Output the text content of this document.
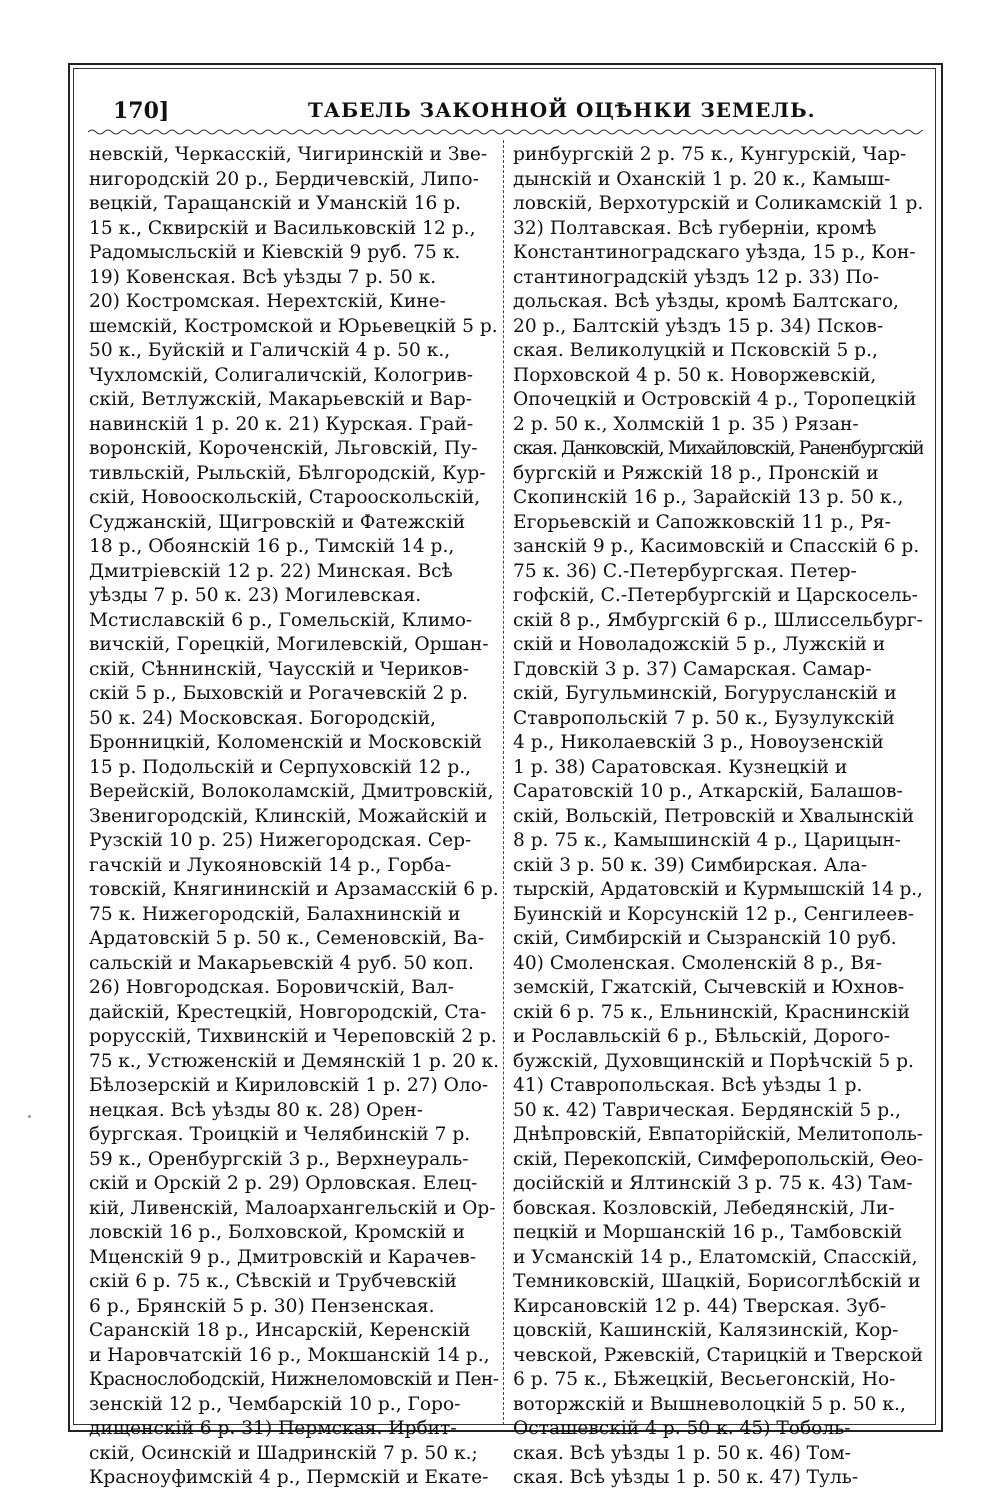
170]	ТАБЕЛЬ ЗАКОННОЙ ОЦѢНКИ ЗЕМЕЛЬ.
невскій, Черкасскій, Чигиринскій и Зве-
нигородскій 20 р., Бердичевскій, Липо-
вецкій, Таращанскій и Уманскій 16 р.
15 к., Сквирскій и Васильковскій 12 р.,
Радомысльскій и Кіевскій 9 руб. 75 к.
19) Ковенская. Всѣ уѣзды 7 р. 50 к.
20) Костромская. Нерехтскій, Кине-
шемскій, Костромской и Юрьевецкій 5 р.
50 к., Буйскій и Галичскій 4 р. 50 к.,
Чухломскій, Солигаличскій, Кологрив-
скій, Ветлужскій, Макарьевскій и Вар-
навинскій 1 р. 20 к. 21) Курская. Грай-
воронскій, Короченскій, Льговскій, Пу-
тивльскій, Рыльскій, Бѣлгородскій, Кур-
скій, Новооскольскій, Старооскольскій,
Суджанскій, Щигровскій и Фатежскій
18 р., Обоянскій 16 р., Тимскій 14 р.,
Дмитріевскій 12 р. 22) Минская. Всѣ
уѣзды 7 р. 50 к. 23) Могилевская.
Мстиславскій 6 р., Гомельскій, Климо-
вичскій, Горецкій, Могилевскій, Оршан-
скій, Сѣннинскій, Чаусскій и Чериков-
скій 5 р., Быховскій и Рогачевскій 2 р.
50 к. 24) Московская. Богородскій,
Бронницкій, Коломенскій и Московскій
15 р. Подольскій и Серпуховскій 12 р.,
Верейскій, Волоколамскій, Дмитровскій,
Звенигородскій, Клинскій, Можайскій и
Рузскій 10 р. 25) Нижегородская. Сер-
гачскій и Лукояновскій 14 р., Горба-
товскій, Княгининскій и Арзамасскій 6 р.
75 к. Нижегородскій, Балахнинскій и
Ардатовскій 5 р. 50 к., Семеновскій, Ва-
сальскій и Макарьевскій 4 руб. 50 коп.
26) Новгородская. Боровичскій, Вал-
дайскій, Крестецкій, Новгородскій, Ста-
рорусскій, Тихвинскій и Череповскій 2 р.
75 к., Устюженскій и Демянскій 1 р. 20 к.
Бѣлозерскій и Кириловскій 1 р. 27) Оло-
нецкая. Всѣ уѣзды 80 к. 28) Орен-
бургская. Троицкій и Челябинскій 7 р.
59 к., Оренбургскій 3 р., Верхнеураль-
скій и Орскій 2 р. 29) Орловская. Елец-
кій, Ливенскій, Малоархангельскій и Ор-
ловскій 16 р., Болховской, Кромскій и
Мценскій 9 р., Дмитровскій и Карачев-
скій 6 р. 75 к., Сѣвскій и Трубчевскій
6 р., Брянскій 5 р. 30) Пензенская.
Саранскій 18 р., Инсарскій, Керенскій
и Наровчатскій 16 р., Мокшанскій 14 р.,
Краснослободскій, Нижнеломовскій и Пен-
зенскій 12 р., Чембарскій 10 р., Горо-
дищенскій 6 р. 31) Пермская. Ирбит-
скій, Осинскій и Шадринскій 7 р. 50 к.;
Красноуфимскій 4 р., Пермскій и Екате-
ринбургскій 2 р. 75 к., Кунгурскій, Чар-
дынскій и Оханскій 1 р. 20 к., Камыш-
ловскій, Верхотурскій и Соликамскій 1 р.
32) Полтавская. Всѣ губерніи, кромѣ
Константиноградскаго уѣзда, 15 р., Кон-
стантиноградскій уѣздъ 12 р. 33) По-
дольская. Всѣ уѣзды, кромѣ Балтскаго,
20 р., Балтскій уѣздъ 15 р. 34) Псков-
ская. Великолуцкій и Псковскій 5 р.,
Порховской 4 р. 50 к. Новоржевскій,
Опочецкій и Островскій 4 р., Торопецкій
2 р. 50 к., Холмскій 1 р. 35 ) Рязан-
ская. Данковскій, Михайловскій, Раненбургскій
бургскій и Ряжскій 18 р., Пронскій и
Скопинскій 16 р., Зарайскій 13 р. 50 к.,
Егорьевскій и Сапожковскій 11 р., Ря-
занскій 9 р., Касимовскій и Спасскій 6 р.
75 к. 36) С.-Петербургская. Петер-
гофскій, С.-Петербургскій и Царскосель-
скій 8 р., Ямбургскій 6 р., Шлиссельбург-
скій и Новоладожскій 5 р., Лужскій и
Гдовскій 3 р. 37) Самарская. Самар-
скій, Бугульминскій, Богурусланскій и
Ставропольскій 7 р. 50 к., Бузулукскій
4 р., Николаевскій 3 р., Новоузенскій
1 р. 38) Саратовская. Кузнецкій и
Саратовскій 10 р., Аткарскій, Балашов-
скій, Вольскій, Петровскій и Хвалынскій
8 р. 75 к., Камышинскій 4 р., Царицын-
скій 3 р. 50 к. 39) Симбирская. Ала-
тырскій, Ардатовскій и Курмышскій 14 р.,
Буинскій и Корсунскій 12 р., Сенгилеев-
скій, Симбирскій и Сызранскій 10 руб.
40) Смоленская. Смоленскій 8 р., Вя-
земскій, Гжатскій, Сычевскій и Юхнов-
скій 6 р. 75 к., Ельнинскій, Краснинскій
и Рославльскій 6 р., Бѣльскій, Дорого-
бужскій, Духовщинскій и Порѣчскій 5 р.
41) Ставропольская. Всѣ уѣзды 1 р.
50 к. 42) Таврическая. Бердянскій 5 р.,
Днѣпровскій, Евпаторійскій, Мелитополь-
скій, Перекопскій, Симферопольскій, Ѳео-
досійскій и Ялтинскій 3 р. 75 к. 43) Там-
бовская. Козловскій, Лебедянскій, Ли-
пецкій и Моршанскій 16 р., Тамбовскій
и Усманскій 14 р., Елатомскій, Спасскій,
Темниковскій, Шацкій, Борисоглѣбскій и
Кирсановскій 12 р. 44) Тверская. Зуб-
цовскій, Кашинскій, Калязинскій, Кор-
чевской, Ржевскій, Старицкій и Тверской
6 р. 75 к., Бѣжецкій, Весьегонскій, Но-
воторжскій и Вышневолоцкій 5 р. 50 к.,
Осташевскій 4 р. 50 к. 45) Тоболь-
ская. Всѣ уѣзды 1 р. 50 к. 46) Том-
ская. Всѣ уѣзды 1 р. 50 к. 47) Туль-
